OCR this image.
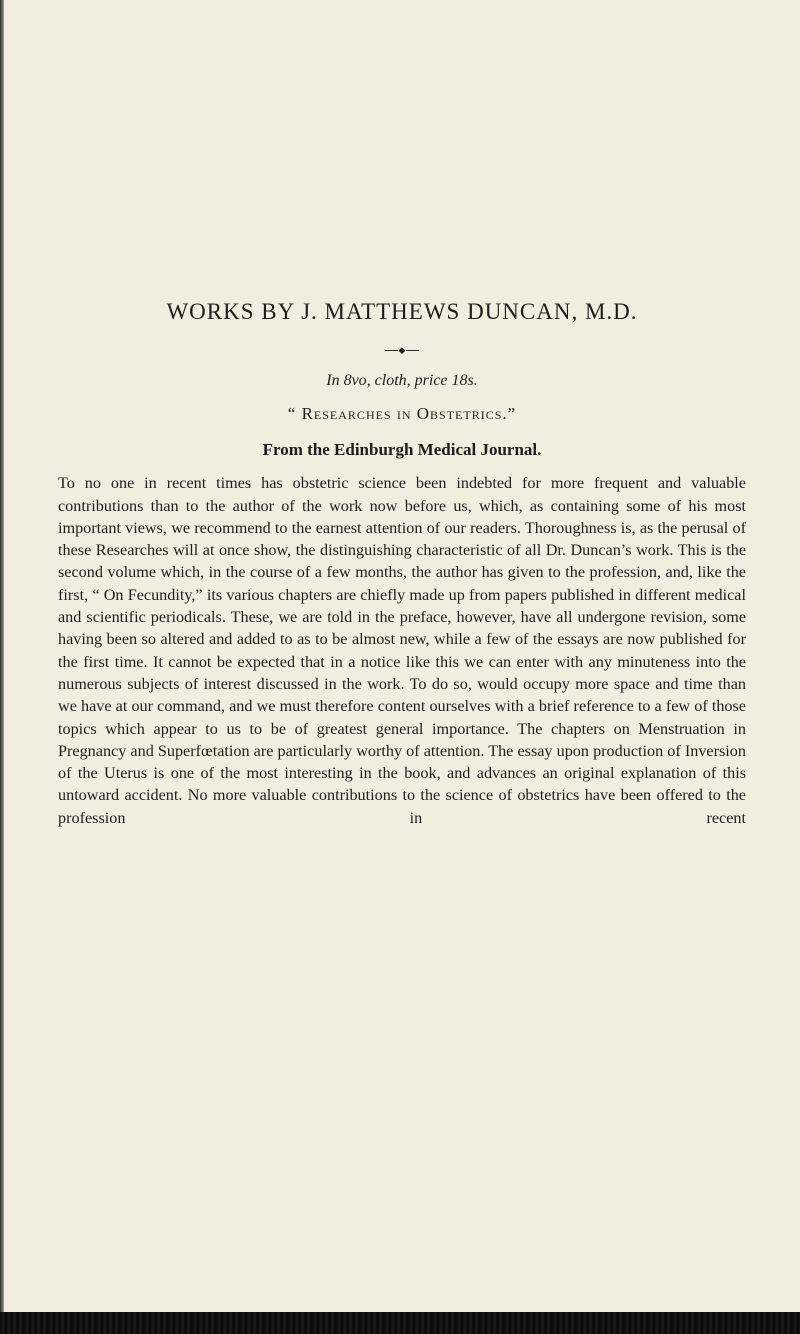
WORKS BY J. MATTHEWS DUNCAN, M.D.
◆
In 8vo, cloth, price 18s.
“ Researches in Obstetrics.”
From the Edinburgh Medical Journal.

To no one in recent times has obstetric science been indebted for more frequent and valuable contributions than to the author of the work now before us, which, as containing some of his most important views, we recommend to the earnest attention of our readers. Thoroughness is, as the perusal of these Researches will at once show, the distinguishing characteristic of all Dr. Duncan’s work. This is the second volume which, in the course of a few months, the author has given to the profession, and, like the first, “ On Fecundity,” its various chapters are chiefly made up from papers published in different medical and scientific periodicals. These, we are told in the preface, however, have all undergone revision, some having been so altered and added to as to be almost new, while a few of the essays are now published for the first time. It cannot be expected that in a notice like this we can enter with any minuteness into the numerous subjects of interest discussed in the work. To do so, would occupy more space and time than we have at our command, and we must therefore content ourselves with a brief reference to a few of those topics which appear to us to be of greatest general importance. The chapters on Menstruation in Pregnancy and Superfœtation are particularly worthy of attention. The essay upon production of Inversion of the Uterus is one of the most interesting in the book, and advances an original explanation of this untoward accident. No more valuable contributions to the science of obstetrics have been offered to the profession in recent
